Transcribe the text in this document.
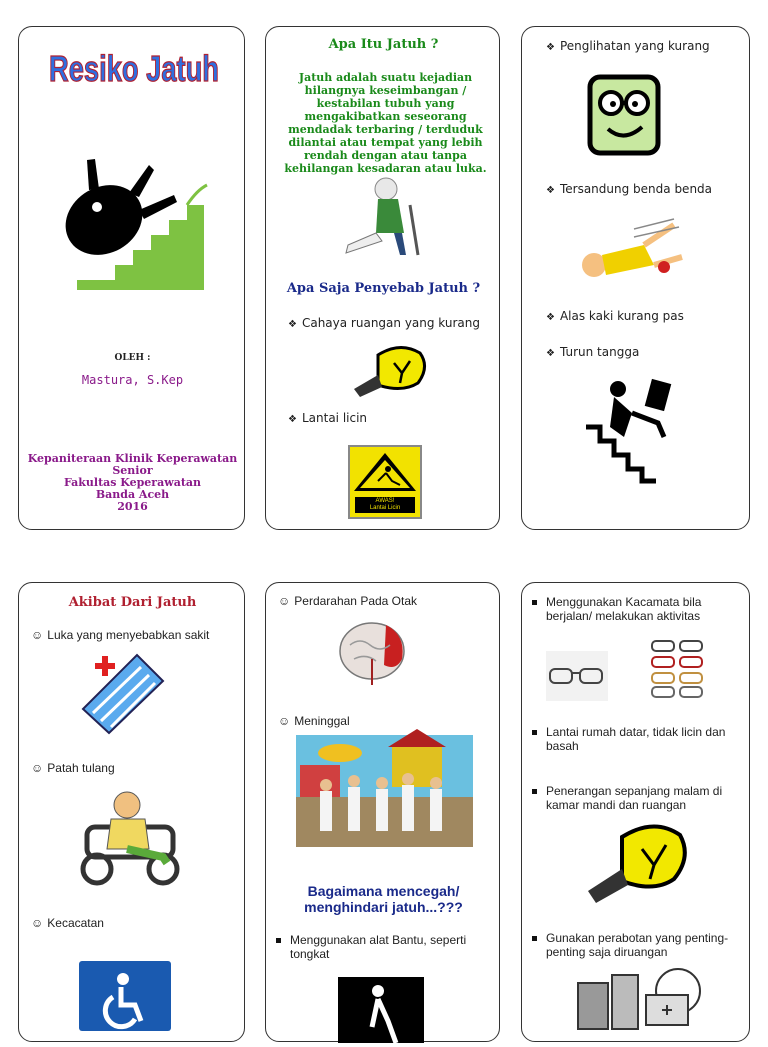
Resiko Jatuh
OLEH :
Mastura, S.Kep
Kepaniteraan Klinik Keperawatan Senior
Fakultas Keperawatan
Banda Aceh
2016
Apa Itu Jatuh ?
Jatuh adalah suatu kejadian hilangnya keseimbangan / kestabilan tubuh yang mengakibatkan seseorang mendadak terbaring / terduduk dilantai atau tempat yang lebih rendah dengan atau tanpa kehilangan kesadaran atau luka.
Apa Saja Penyebab Jatuh ?
❖ Cahaya ruangan yang kurang
❖ Lantai licin
AWAS!
Lantai Licin
❖ Penglihatan yang kurang
❖ Tersandung benda benda
❖ Alas kaki kurang pas
❖ Turun tangga
Akibat Dari Jatuh
☺ Luka yang menyebabkan sakit
☺ Patah tulang
☺ Kecacatan
☺ Perdarahan Pada Otak
☺ Meninggal
Bagaimana mencegah/ menghindari jatuh...???
Menggunakan alat Bantu, seperti tongkat
Menggunakan Kacamata bila berjalan/ melakukan aktivitas
Lantai rumah datar, tidak licin dan basah
Penerangan sepanjang malam di kamar mandi dan ruangan
Gunakan perabotan yang penting-penting saja diruangan
